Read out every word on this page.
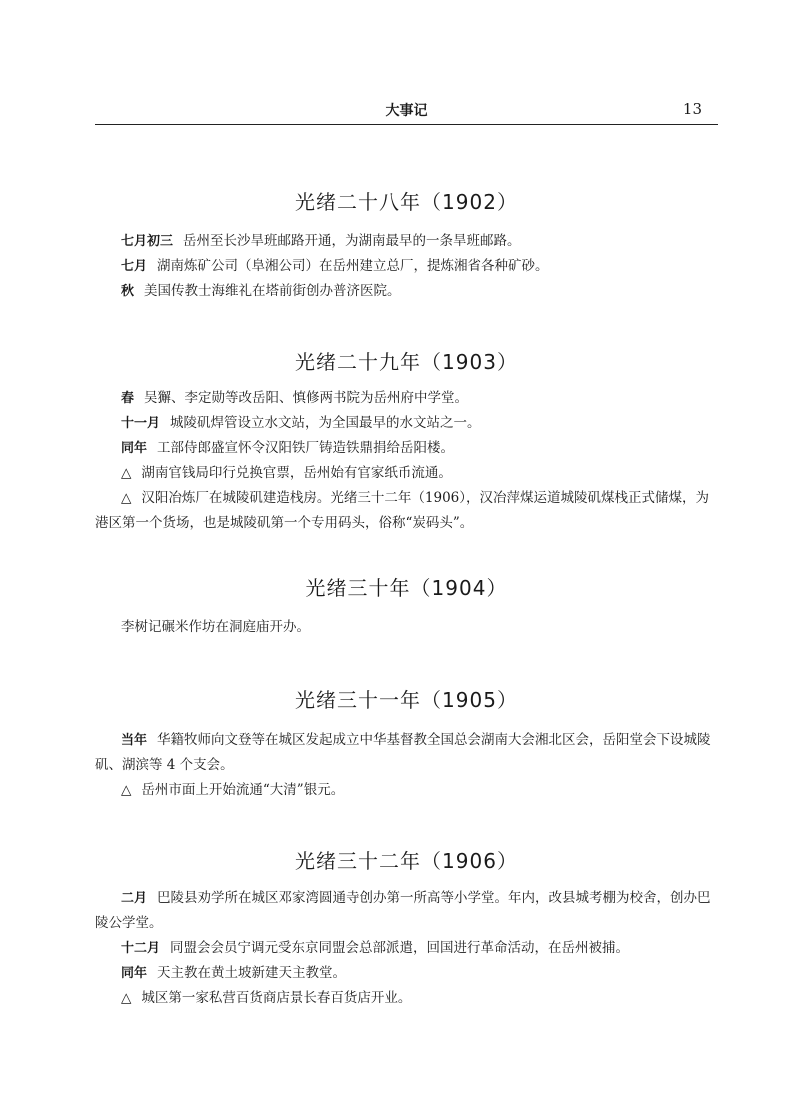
大事记	13
光绪二十八年（1902）
七月初三 岳州至长沙旱班邮路开通，为湖南最早的一条旱班邮路。
七月 湖南炼矿公司（阜湘公司）在岳州建立总厂，提炼湘省各种矿砂。
秋 美国传教士海维礼在塔前街创办普济医院。
光绪二十九年（1903）
春 吴獬、李定勋等改岳阳、慎修两书院为岳州府中学堂。
十一月 城陵矶焊管设立水文站，为全国最早的水文站之一。
同年 工部侍郎盛宣怀令汉阳铁厂铸造铁鼎捐给岳阳楼。
△ 湖南官钱局印行兑换官票，岳州始有官家纸币流通。
△ 汉阳冶炼厂在城陵矶建造栈房。光绪三十二年（1906），汉冶萍煤运道城陵矶煤栈正式储煤，为港区第一个货场，也是城陵矶第一个专用码头，俗称“炭码头”。
光绪三十年（1904）
李树记碾米作坊在洞庭庙开办。
光绪三十一年（1905）
当年 华籍牧师向文登等在城区发起成立中华基督教全国总会湖南大会湘北区会，岳阳堂会下设城陵矶、湖滨等 4 个支会。
△ 岳州市面上开始流通“大清”银元。
光绪三十二年（1906）
二月 巴陵县劝学所在城区邓家湾圆通寺创办第一所高等小学堂。年内，改县城考棚为校舍，创办巴陵公学堂。
十二月 同盟会会员宁调元受东京同盟会总部派遣，回国进行革命活动，在岳州被捕。
同年 天主教在黄土坡新建天主教堂。
△ 城区第一家私营百货商店景长春百货店开业。
